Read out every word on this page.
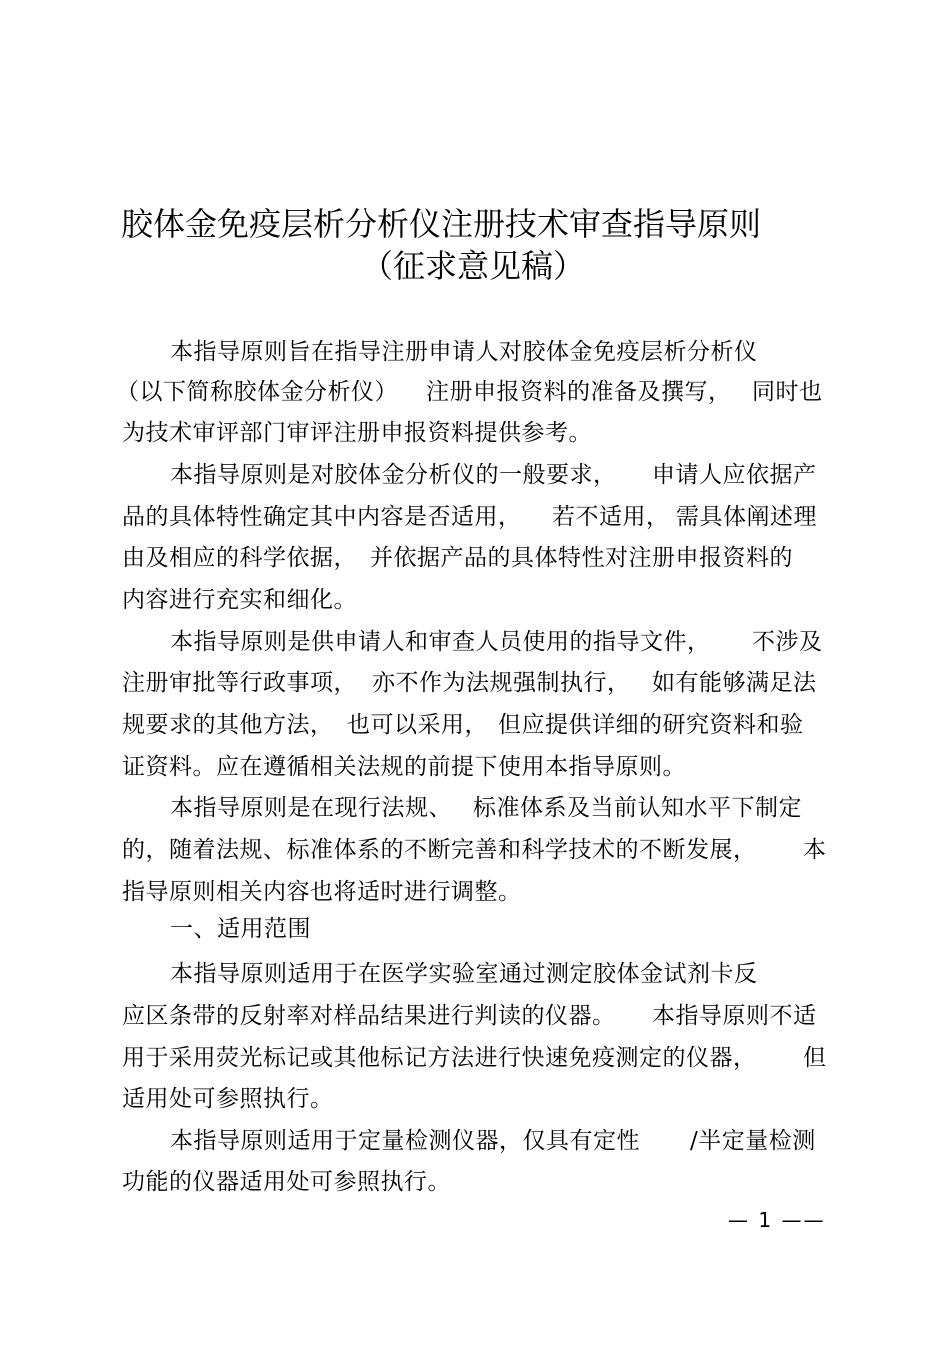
胶体金免疫层析分析仪注册技术审查指导原则
（征求意见稿）
本指导原则旨在指导注册申请人对胶体金免疫层析分析仪
（以下简称胶体金分析仪） 注册申报资料的准备及撰写， 同时也
为技术审评部门审评注册申报资料提供参考。
本指导原则是对胶体金分析仪的一般要求， 申请人应依据产
品的具体特性确定其中内容是否适用， 若不适用， 需具体阐述理
由及相应的科学依据， 并依据产品的具体特性对注册申报资料的
内容进行充实和细化。
本指导原则是供申请人和审查人员使用的指导文件， 不涉及
注册审批等行政事项， 亦不作为法规强制执行， 如有能够满足法
规要求的其他方法， 也可以采用， 但应提供详细的研究资料和验
证资料。应在遵循相关法规的前提下使用本指导原则。
本指导原则是在现行法规、 标准体系及当前认知水平下制定
的，随着法规、标准体系的不断完善和科学技术的不断发展， 本
指导原则相关内容也将适时进行调整。
一、适用范围
本指导原则适用于在医学实验室通过测定胶体金试剂卡反
应区条带的反射率对样品结果进行判读的仪器。 本指导原则不适
用于采用荧光标记或其他标记方法进行快速免疫测定的仪器， 但
适用处可参照执行。
本指导原则适用于定量检测仪器，仅具有定性 /半定量检测
功能的仪器适用处可参照执行。
— 1 ——
